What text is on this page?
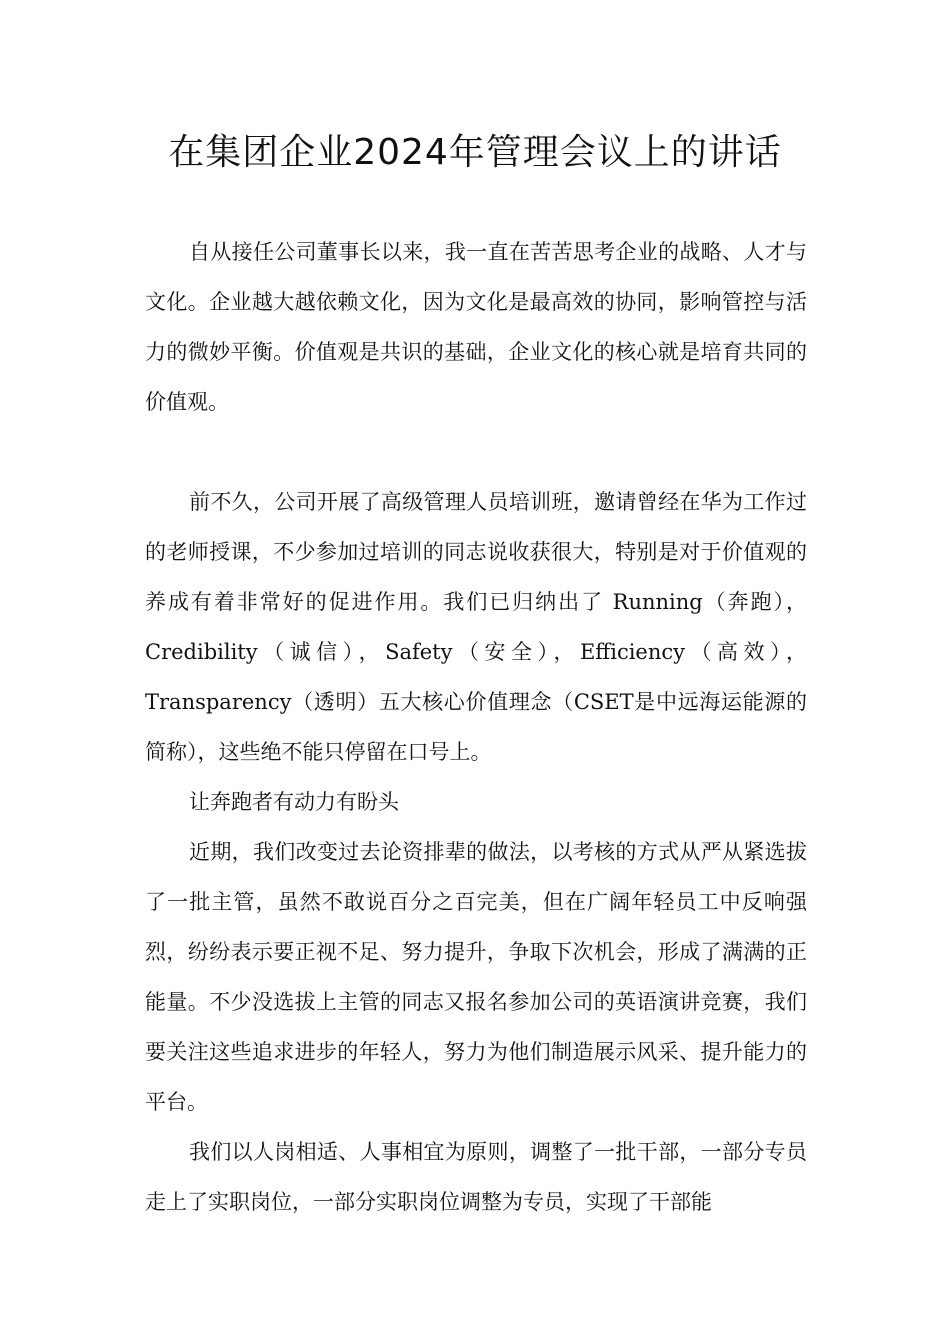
在集团企业2024年管理会议上的讲话

自从接任公司董事长以来，我一直在苦苦思考企业的战略、人才与文化。企业越大越依赖文化，因为文化是最高效的协同，影响管控与活力的微妙平衡。价值观是共识的基础，企业文化的核心就是培育共同的价值观。

前不久，公司开展了高级管理人员培训班，邀请曾经在华为工作过的老师授课，不少参加过培训的同志说收获很大，特别是对于价值观的养成有着非常好的促进作用。我们已归纳出了 Running（奔跑），Credibility（诚信），Safety（安全），Efficiency（高效），Transparency（透明）五大核心价值理念（CSET是中远海运能源的简称），这些绝不能只停留在口号上。

让奔跑者有动力有盼头

近期，我们改变过去论资排辈的做法，以考核的方式从严从紧选拔了一批主管，虽然不敢说百分之百完美，但在广阔年轻员工中反响强烈，纷纷表示要正视不足、努力提升，争取下次机会，形成了满满的正能量。不少没选拔上主管的同志又报名参加公司的英语演讲竞赛，我们要关注这些追求进步的年轻人，努力为他们制造展示风采、提升能力的平台。

我们以人岗相适、人事相宜为原则，调整了一批干部，一部分专员走上了实职岗位，一部分实职岗位调整为专员，实现了干部能
